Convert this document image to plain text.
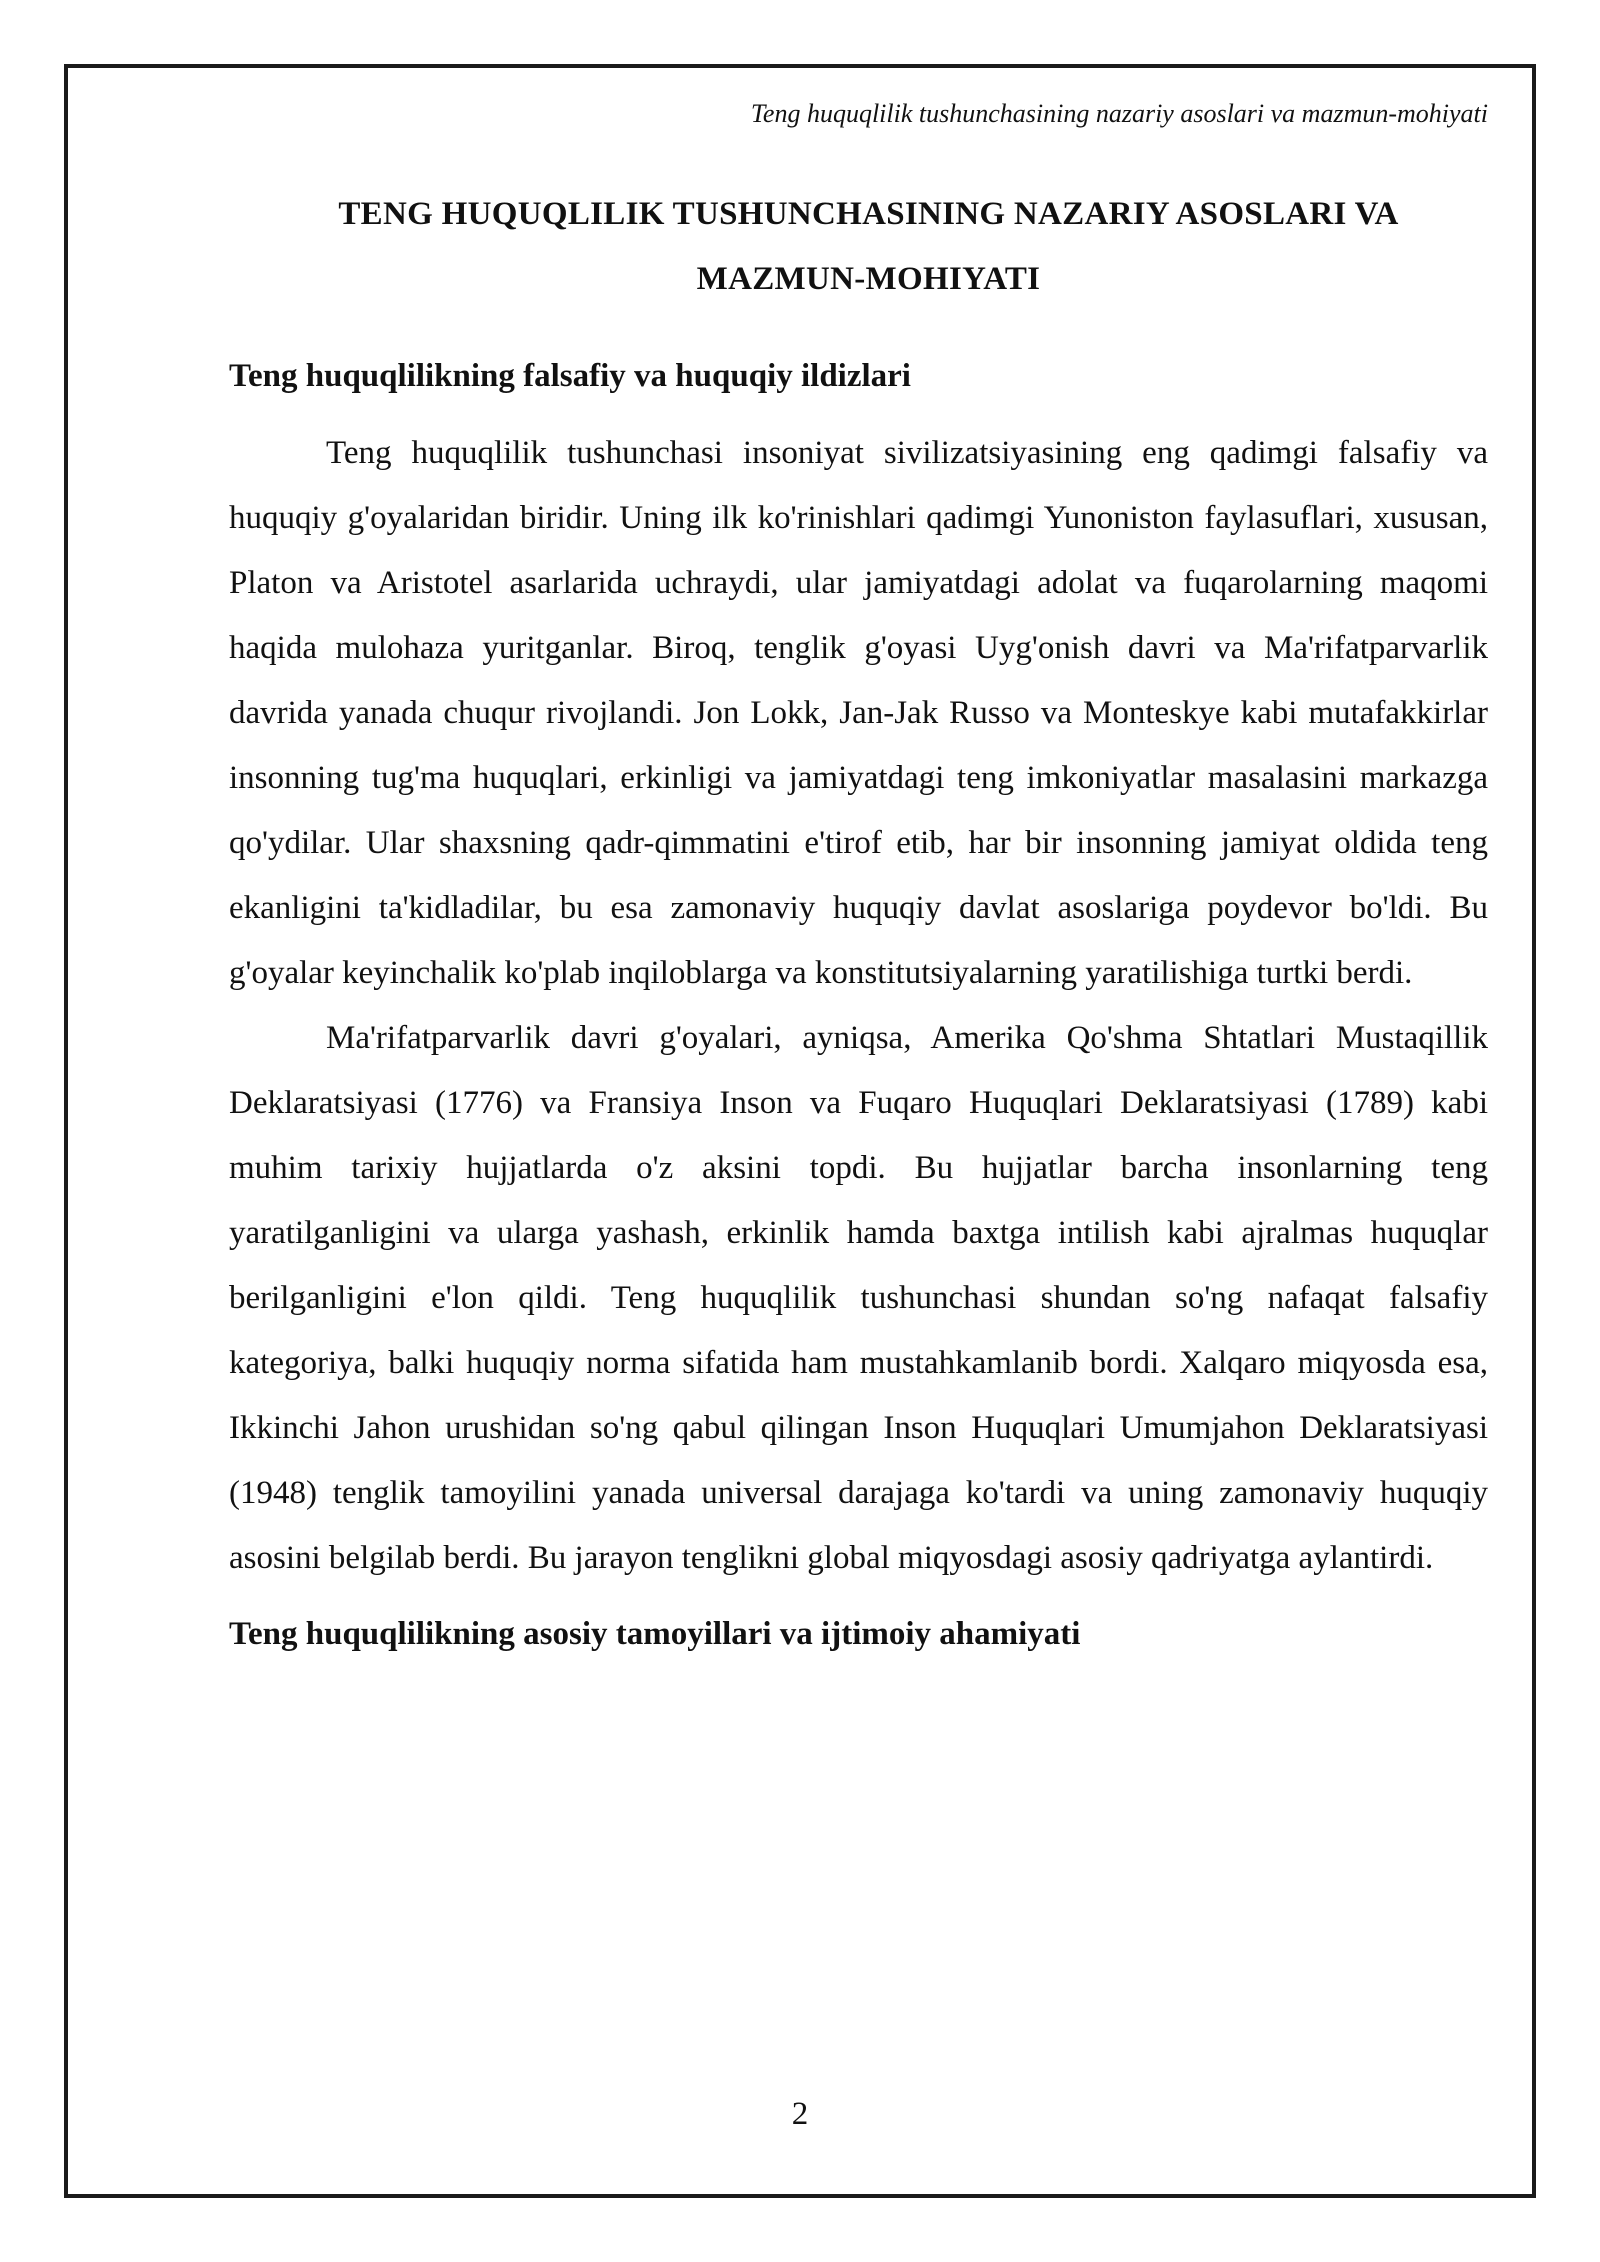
Teng huquqlilik tushunchasining nazariy asoslari va mazmun-mohiyati
TENG HUQUQLILIK TUSHUNCHASINING NAZARIY ASOSLARI VA
MAZMUN-MOHIYATI
Teng huquqlilikning falsafiy va huquqiy ildizlari

Teng huquqlilik tushunchasi insoniyat sivilizatsiyasining eng qadimgi falsafiy va huquqiy g'oyalaridan biridir. Uning ilk ko'rinishlari qadimgi Yunoniston faylasuflari, xususan, Platon va Aristotel asarlarida uchraydi, ular jamiyatdagi adolat va fuqarolarning maqomi haqida mulohaza yuritganlar. Biroq, tenglik g'oyasi Uyg'onish davri va Ma'rifatparvarlik davrida yanada chuqur rivojlandi. Jon Lokk, Jan-Jak Russo va Monteskye kabi mutafakkirlar insonning tug'ma huquqlari, erkinligi va jamiyatdagi teng imkoniyatlar masalasini markazga qo'ydilar. Ular shaxsning qadr-qimmatini e'tirof etib, har bir insonning jamiyat oldida teng ekanligini ta'kidladilar, bu esa zamonaviy huquqiy davlat asoslariga poydevor bo'ldi. Bu g'oyalar keyinchalik ko'plab inqiloblarga va konstitutsiyalarning yaratilishiga turtki berdi.

Ma'rifatparvarlik davri g'oyalari, ayniqsa, Amerika Qo'shma Shtatlari Mustaqillik Deklaratsiyasi (1776) va Fransiya Inson va Fuqaro Huquqlari Deklaratsiyasi (1789) kabi muhim tarixiy hujjatlarda o'z aksini topdi. Bu hujjatlar barcha insonlarning teng yaratilganligini va ularga yashash, erkinlik hamda baxtga intilish kabi ajralmas huquqlar berilganligini e'lon qildi. Teng huquqlilik tushunchasi shundan so'ng nafaqat falsafiy kategoriya, balki huquqiy norma sifatida ham mustahkamlanib bordi. Xalqaro miqyosda esa, Ikkinchi Jahon urushidan so'ng qabul qilingan Inson Huquqlari Umumjahon Deklaratsiyasi (1948) tenglik tamoyilini yanada universal darajaga ko'tardi va uning zamonaviy huquqiy asosini belgilab berdi. Bu jarayon tenglikni global miqyosdagi asosiy qadriyatga aylantirdi.

Teng huquqlilikning asosiy tamoyillari va ijtimoiy ahamiyati
2
